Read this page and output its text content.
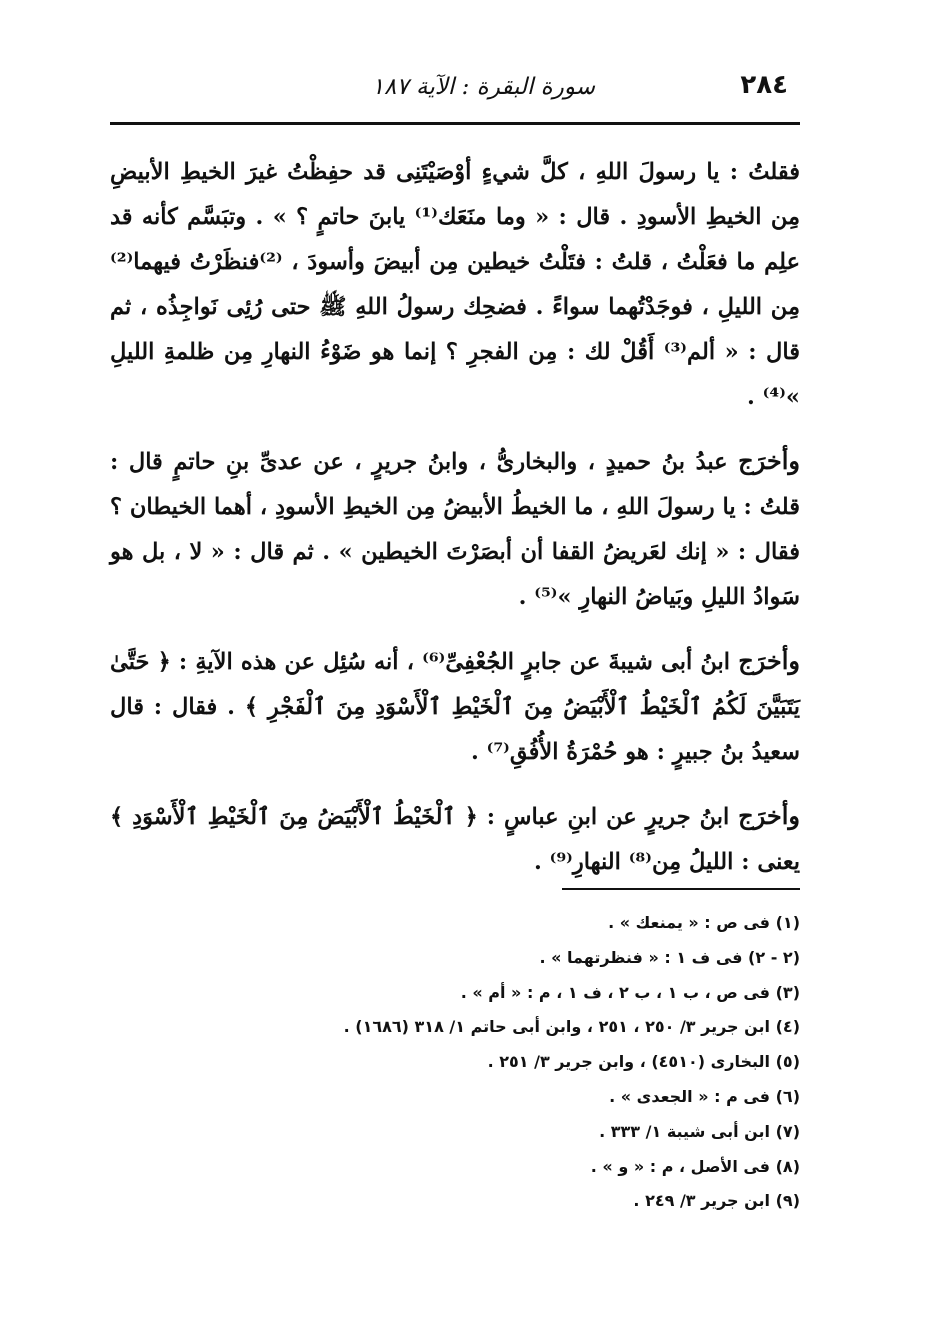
٢٨٤
سورة البقرة : الآية ١٨٧

فقلتُ : يا رسولَ اللهِ ، كلَّ شيءٍ أوْصَيْتَنِى قد حفِظْتُ غيرَ الخيطِ الأبيضِ مِن الخيطِ الأسودِ . قال : « وما منَعَك⁽¹⁾ يابنَ حاتمٍ ؟ » . وتبَسَّم كأنه قد علِم ما فعَلْتُ ، قلتُ : فتَلْتُ خيطين مِن أبيضَ وأسودَ ، ⁽²⁾فنظَرْتُ فيهما⁽²⁾ مِن الليلِ ، فوجَدْتُهما سواءً . فضحِك رسولُ اللهِ ﷺ حتى رُئِى نَواجِذُه ، ثم قال : « ألم⁽³⁾ أَقُلْ لك : مِن الفجرِ ؟ إنما هو ضَوْءُ النهارِ مِن ظلمةِ الليلِ »⁽⁴⁾ .

وأخرَج عبدُ بنُ حميدٍ ، والبخارىُّ ، وابنُ جريرٍ ، عن عدىِّ بنِ حاتمٍ قال : قلتُ : يا رسولَ اللهِ ، ما الخيطُ الأبيضُ مِن الخيطِ الأسودِ ، أهما الخيطان ؟ فقال : « إنك لعَريضُ القفا أن أبصَرْتَ الخيطين » . ثم قال : « لا ، بل هو سَوادُ الليلِ وبَياضُ النهارِ »⁽⁵⁾ .

وأخرَج ابنُ أبى شيبةَ عن جابرٍ الجُعْفِىِّ⁽⁶⁾ ، أنه سُئِل عن هذه الآيةِ : ﴿ حَتَّىٰ يَتَبَيَّنَ لَكُمُ ٱلْخَيْطُ ٱلْأَبْيَضُ مِنَ ٱلْخَيْطِ ٱلْأَسْوَدِ مِنَ ٱلْفَجْرِ ﴾ . فقال : قال سعيدُ بنُ جبيرٍ : هو حُمْرَةُ الأُفُقِ⁽⁷⁾ .

وأخرَج ابنُ جريرٍ عن ابنِ عباسٍ : ﴿ ٱلْخَيْطُ ٱلْأَبْيَضُ مِنَ ٱلْخَيْطِ ٱلْأَسْوَدِ ﴾ يعنى : الليلُ مِن⁽⁸⁾ النهارِ⁽⁹⁾ .

(١) فى ص : « يمنعك » .

(٢ - ٢) فى ف ١ : « فنظرتهما » .

(٣) فى ص ، ب ١ ، ب ٢ ، ف ١ ، م : « أم » .

(٤) ابن جرير ٣/ ٢٥٠ ، ٢٥١ ، وابن أبى حاتم ١/ ٣١٨ (١٦٨٦) .

(٥) البخارى (٤٥١٠) ، وابن جرير ٣/ ٢٥١ .

(٦) فى م : « الجعدى » .

(٧) ابن أبى شيبة ١/ ٣٣٣ .

(٨) فى الأصل ، م : « و » .

(٩) ابن جرير ٣/ ٢٤٩ .
